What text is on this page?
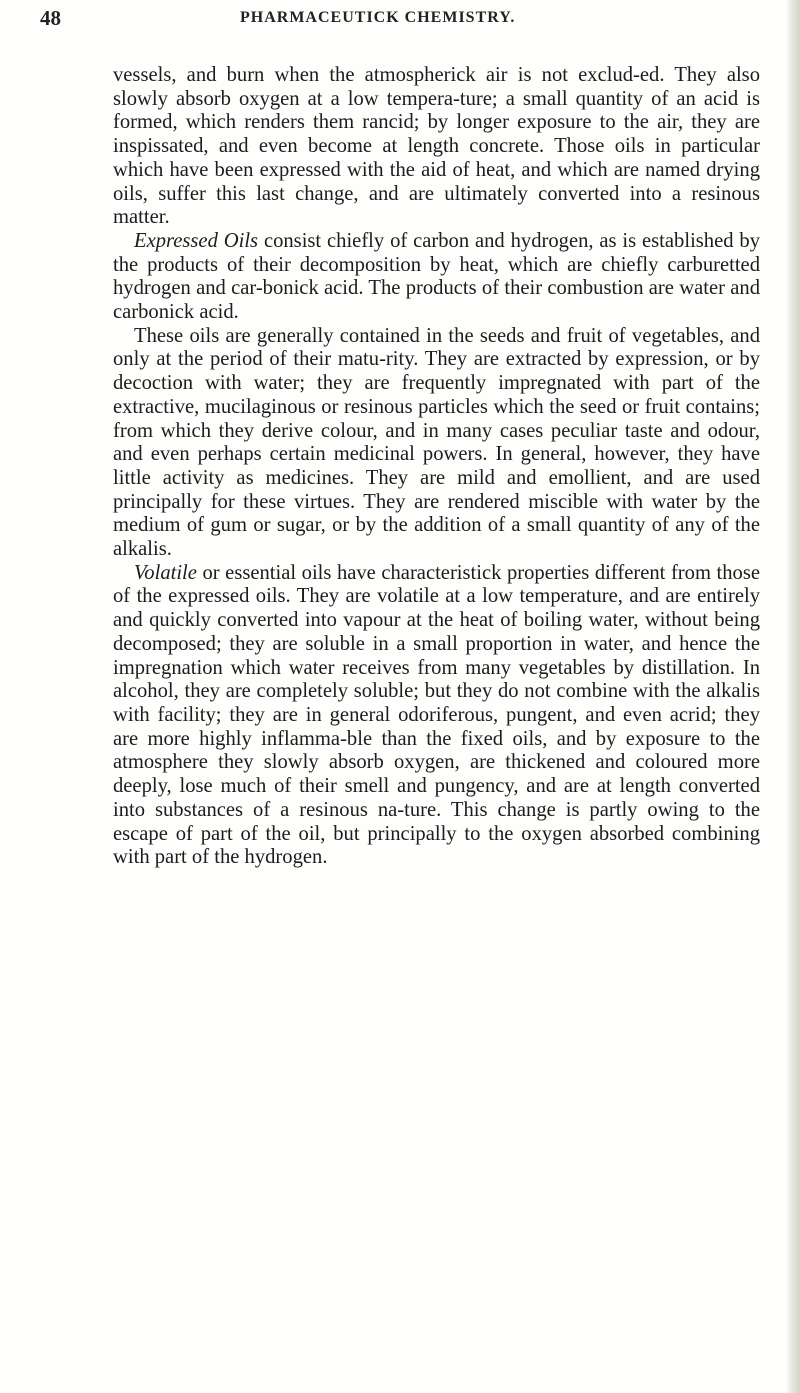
48	PHARMACEUTICK CHEMISTRY.

vessels, and burn when the atmospherick air is not exclud-ed. They also slowly absorb oxygen at a low tempera-ture; a small quantity of an acid is formed, which renders them rancid; by longer exposure to the air, they are inspissated, and even become at length concrete. Those oils in particular which have been expressed with the aid of heat, and which are named drying oils, suffer this last change, and are ultimately converted into a resinous matter.

Expressed Oils consist chiefly of carbon and hydrogen, as is established by the products of their decomposition by heat, which are chiefly carburetted hydrogen and car-bonick acid. The products of their combustion are water and carbonick acid.

These oils are generally contained in the seeds and fruit of vegetables, and only at the period of their matu-rity. They are extracted by expression, or by decoction with water; they are frequently impregnated with part of the extractive, mucilaginous or resinous particles which the seed or fruit contains; from which they derive colour, and in many cases peculiar taste and odour, and even perhaps certain medicinal powers. In general, however, they have little activity as medicines. They are mild and emollient, and are used principally for these virtues. They are rendered miscible with water by the medium of gum or sugar, or by the addition of a small quantity of any of the alkalis.

Volatile or essential oils have characteristick properties different from those of the expressed oils. They are volatile at a low temperature, and are entirely and quickly converted into vapour at the heat of boiling water, without being decomposed; they are soluble in a small proportion in water, and hence the impregnation which water receives from many vegetables by distillation. In alcohol, they are completely soluble; but they do not combine with the alkalis with facility; they are in general odoriferous, pungent, and even acrid; they are more highly inflamma-ble than the fixed oils, and by exposure to the atmosphere they slowly absorb oxygen, are thickened and coloured more deeply, lose much of their smell and pungency, and are at length converted into substances of a resinous na-ture. This change is partly owing to the escape of part of the oil, but principally to the oxygen absorbed combining with part of the hydrogen.
